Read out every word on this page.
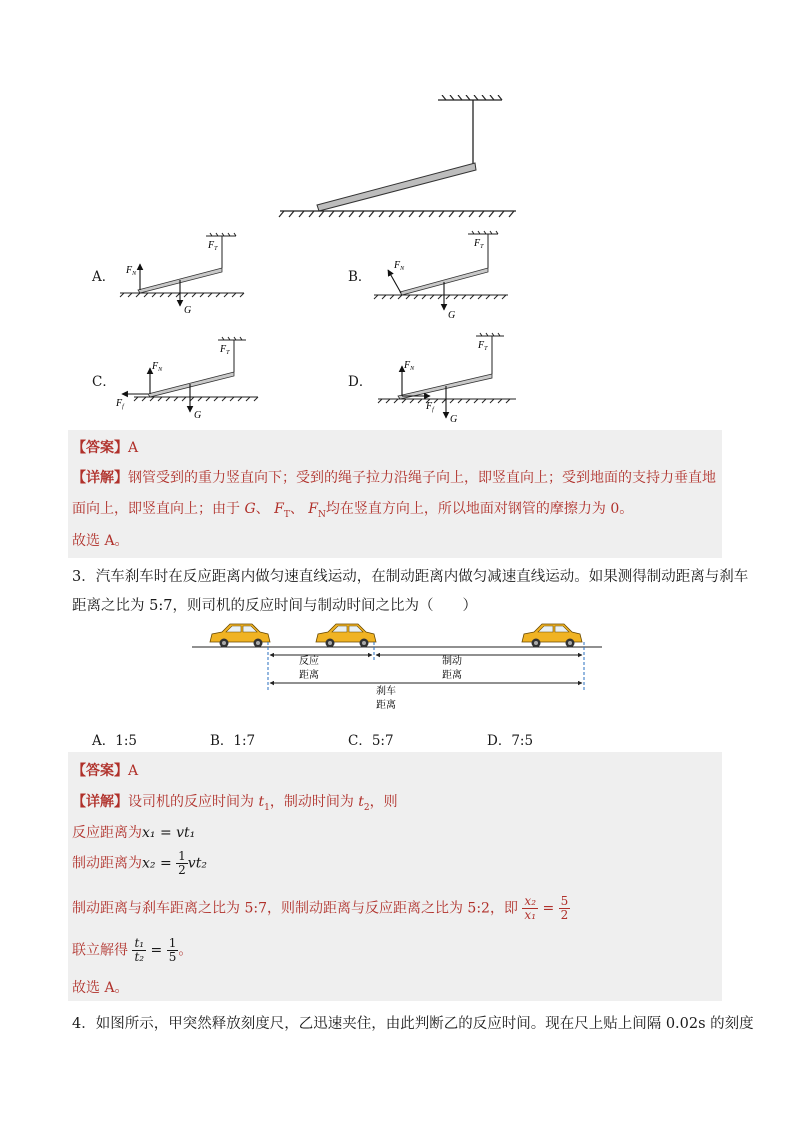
A． $F_N$
$F_T$
G
B．
$F_N$
$F_T$
G
C．
$F_N$
$F_T$
$F_f$
G
D．
$F_N$
$F_T$
$F_f$
G
【答案】A
【详解】钢管受到的重力竖直向下；受到的绳子拉力沿绳子向上，即竖直向上；受到地面的支持力垂直地
面向上，即竖直向上；由于 G、 $F_T$、 $F_N$均在竖直方向上，所以地面对钢管的摩擦力为 0。
故选 A。
3．汽车刹车时在反应距离内做匀速直线运动，在制动距离内做匀减速直线运动。如果测得制动距离与刹车
距离之比为 5:7，则司机的反应时间与制动时间之比为（　　）
反应
距离
制动
距离
刹车
距离
A．1:5	B．1:7	C．5:7	D．7:5
【答案】A
【详解】设司机的反应时间为 $t_1$，制动时间为 $t_2$，则
反应距离为x₁ = vt₁
制动距离为$x_2 = \frac{1}{2} vt_2$
制动距离与刹车距离之比为 5:7，则制动距离与反应距离之比为 5:2，即 $\frac{\text{x₂}}{\text{x₁}} = \frac{5}{2}$
联立解得 $\frac{\text{t₁}}{\text{t₂}} = \frac{1}{5}$ 。
故选 A。
4．如图所示，甲突然释放刻度尺，乙迅速夹住，由此判断乙的反应时间。现在尺上贴上间隔 0.02s 的刻度
